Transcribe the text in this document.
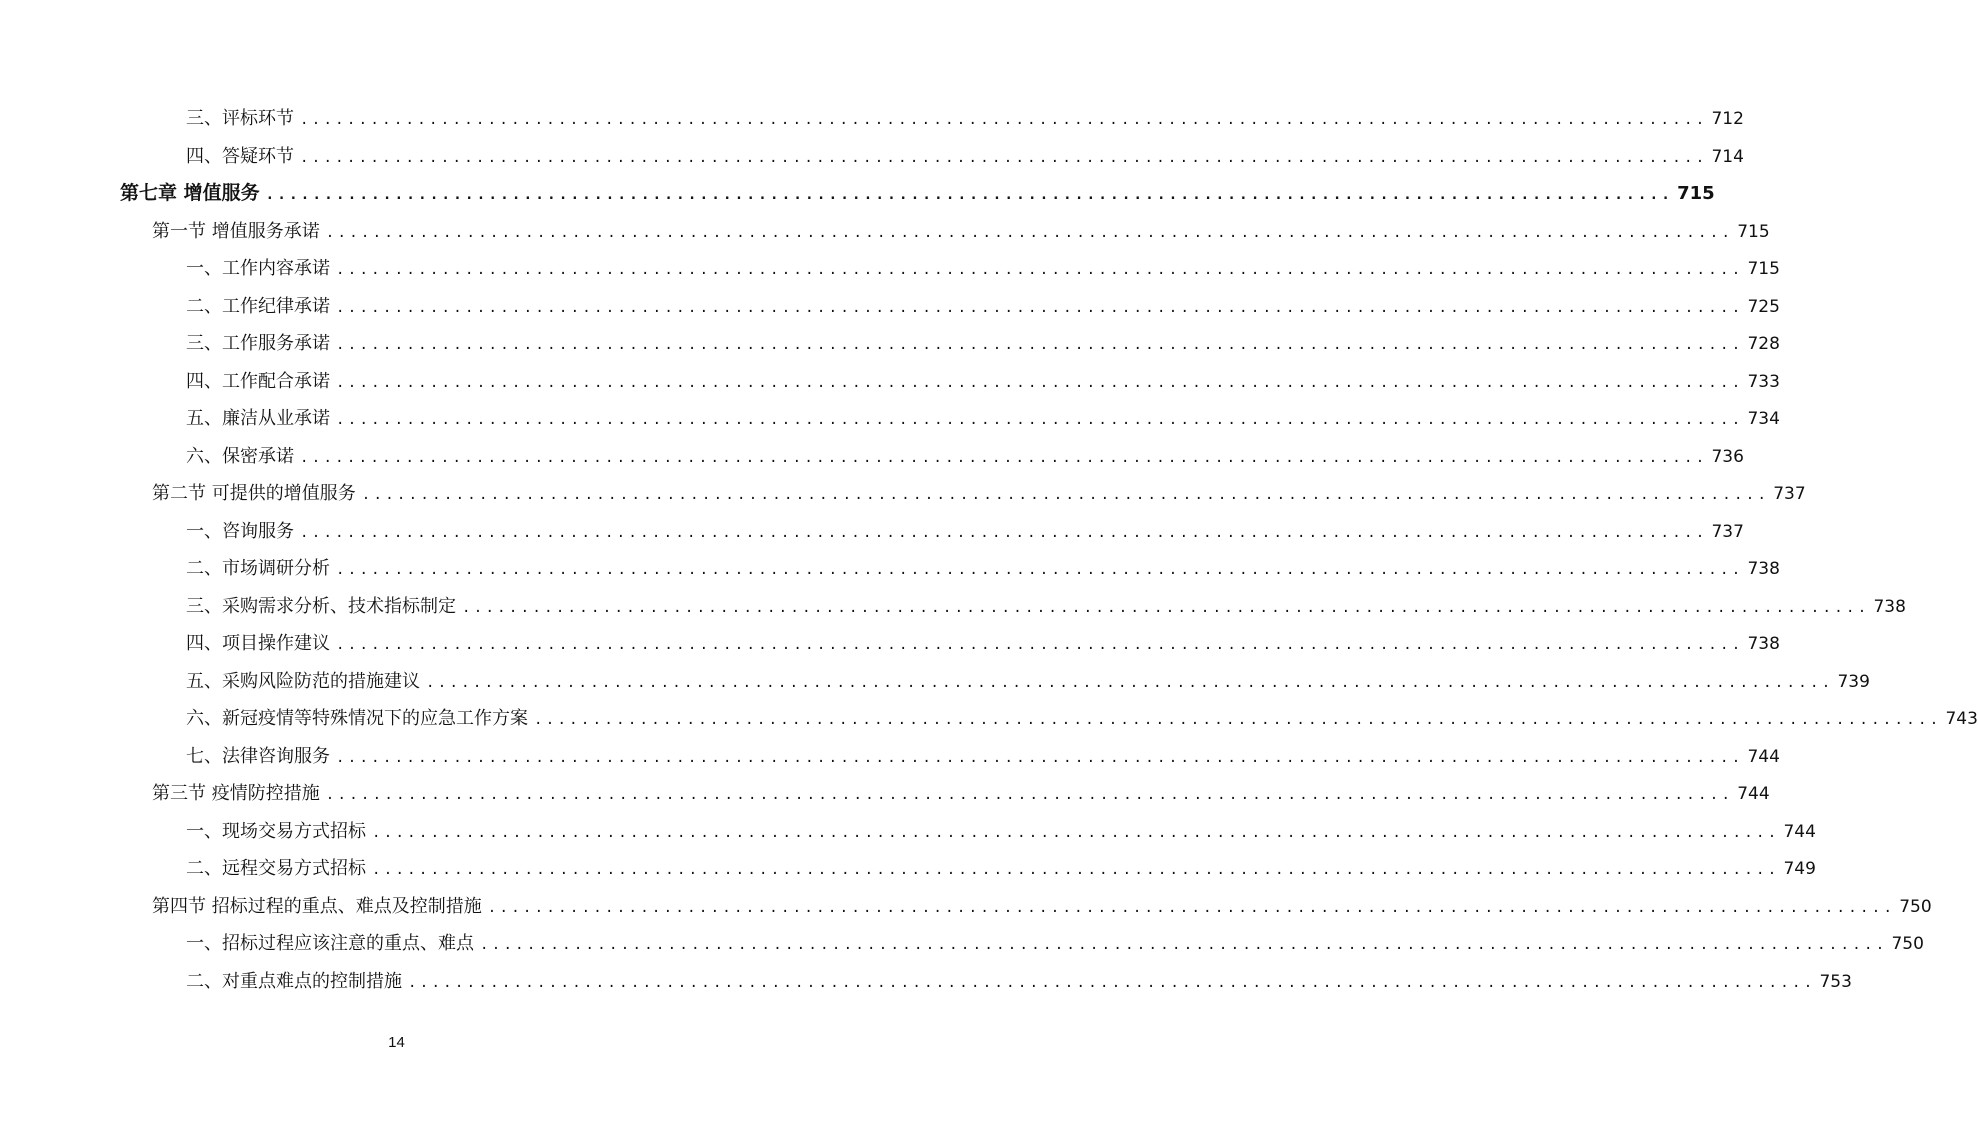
三、评标环节 ........................................................................................................................ 712
四、答疑环节 ........................................................................................................................ 714
第七章 增值服务 ........................................................................................................................ 715
第一节 增值服务承诺 ........................................................................................................................ 715
一、工作内容承诺 ........................................................................................................................ 715
二、工作纪律承诺 ........................................................................................................................ 725
三、工作服务承诺 ........................................................................................................................ 728
四、工作配合承诺 ........................................................................................................................ 733
五、廉洁从业承诺 ........................................................................................................................ 734
六、保密承诺 ........................................................................................................................ 736
第二节 可提供的增值服务 ........................................................................................................................ 737
一、咨询服务 ........................................................................................................................ 737
二、市场调研分析 ........................................................................................................................ 738
三、采购需求分析、技术指标制定 ........................................................................................................................ 738
四、项目操作建议 ........................................................................................................................ 738
五、采购风险防范的措施建议 ........................................................................................................................ 739
六、新冠疫情等特殊情况下的应急工作方案 ........................................................................................................................ 743
七、法律咨询服务 ........................................................................................................................ 744
第三节 疫情防控措施 ........................................................................................................................ 744
一、现场交易方式招标 ........................................................................................................................ 744
二、远程交易方式招标 ........................................................................................................................ 749
第四节 招标过程的重点、难点及控制措施 ........................................................................................................................ 750
一、招标过程应该注意的重点、难点 ........................................................................................................................ 750
二、对重点难点的控制措施 ........................................................................................................................ 753
14
